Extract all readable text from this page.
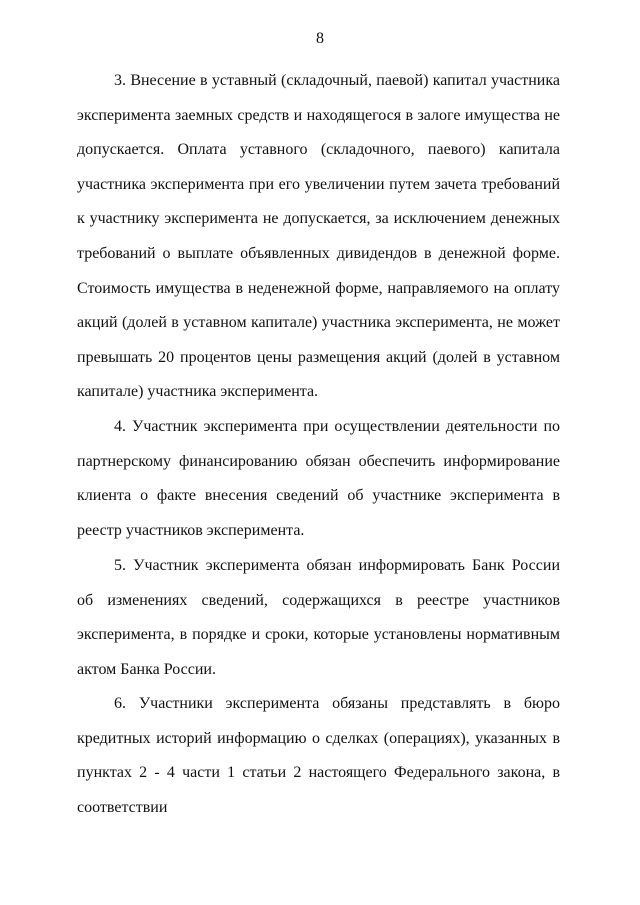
8

3. Внесение в уставный (складочный, паевой) капитал участника эксперимента заемных средств и находящегося в залоге имущества не допускается. Оплата уставного (складочного, паевого) капитала участника эксперимента при его увеличении путем зачета требований к участнику эксперимента не допускается, за исключением денежных требований о выплате объявленных дивидендов в денежной форме. Стоимость имущества в неденежной форме, направляемого на оплату акций (долей в уставном капитале) участника эксперимента, не может превышать 20 процентов цены размещения акций (долей в уставном капитале) участника эксперимента.

4. Участник эксперимента при осуществлении деятельности по партнерскому финансированию обязан обеспечить информирование клиента о факте внесения сведений об участнике эксперимента в реестр участников эксперимента.

5. Участник эксперимента обязан информировать Банк России об изменениях сведений, содержащихся в реестре участников эксперимента, в порядке и сроки, которые установлены нормативным актом Банка России.

6. Участники эксперимента обязаны представлять в бюро кредитных историй информацию о сделках (операциях), указанных в пунктах 2 - 4 части 1 статьи 2 настоящего Федерального закона, в соответствии
